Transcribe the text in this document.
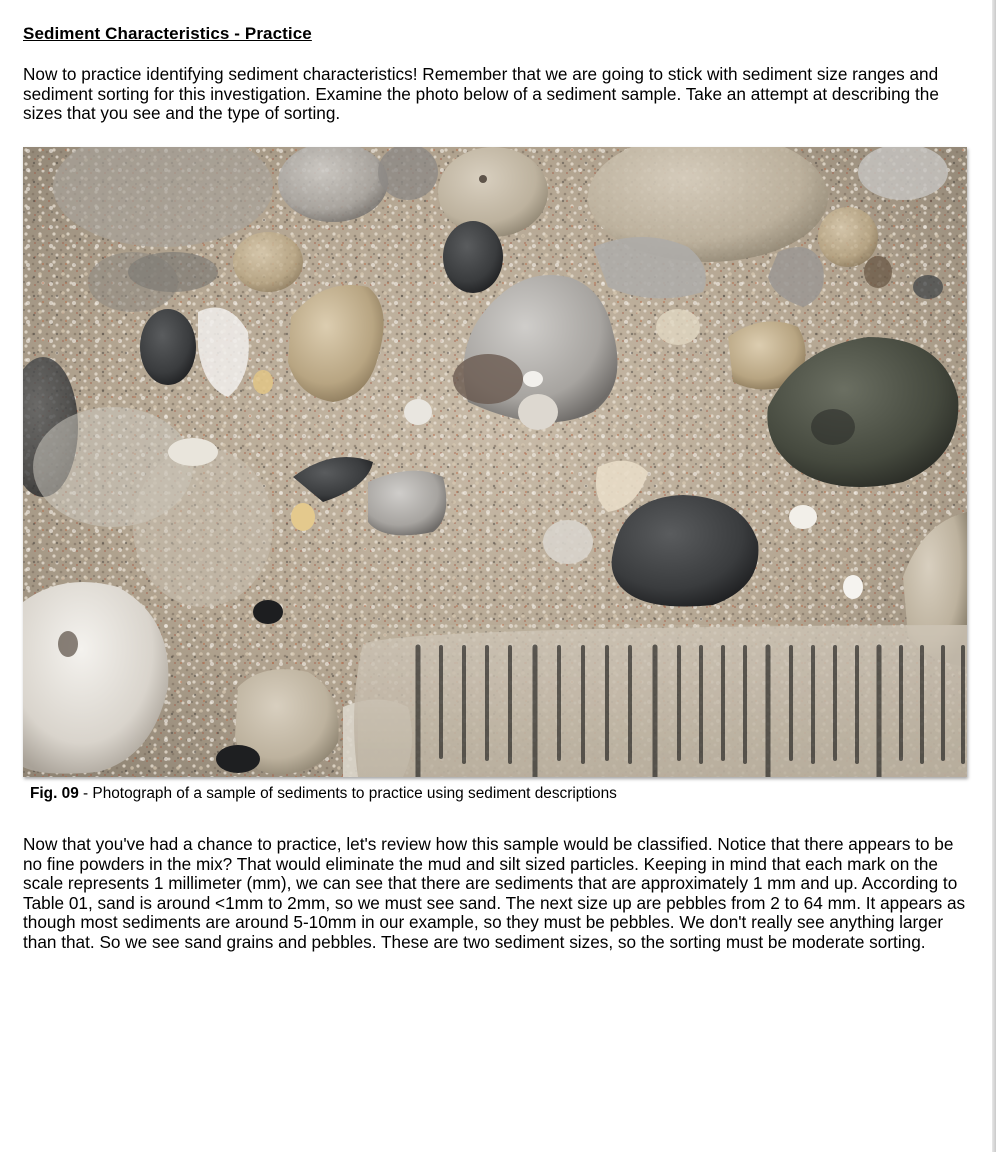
Sediment Characteristics - Practice

Now to practice identifying sediment characteristics! Remember that we are going to stick with sediment size ranges and sediment sorting for this investigation. Examine the photo below of a sediment sample. Take an attempt at describing the sizes that you see and the type of sorting.

Fig. 09 - Photograph of a sample of sediments to practice using sediment descriptions

Now that you've had a chance to practice, let's review how this sample would be classified. Notice that there appears to be no fine powders in the mix? That would eliminate the mud and silt sized particles. Keeping in mind that each mark on the scale represents 1 millimeter (mm), we can see that there are sediments that are approximately 1 mm and up. According to Table 01, sand is around <1mm to 2mm, so we must see sand. The next size up are pebbles from 2 to 64 mm. It appears as though most sediments are around 5-10mm in our example, so they must be pebbles. We don't really see anything larger than that. So we see sand grains and pebbles. These are two sediment sizes, so the sorting must be moderate sorting.
